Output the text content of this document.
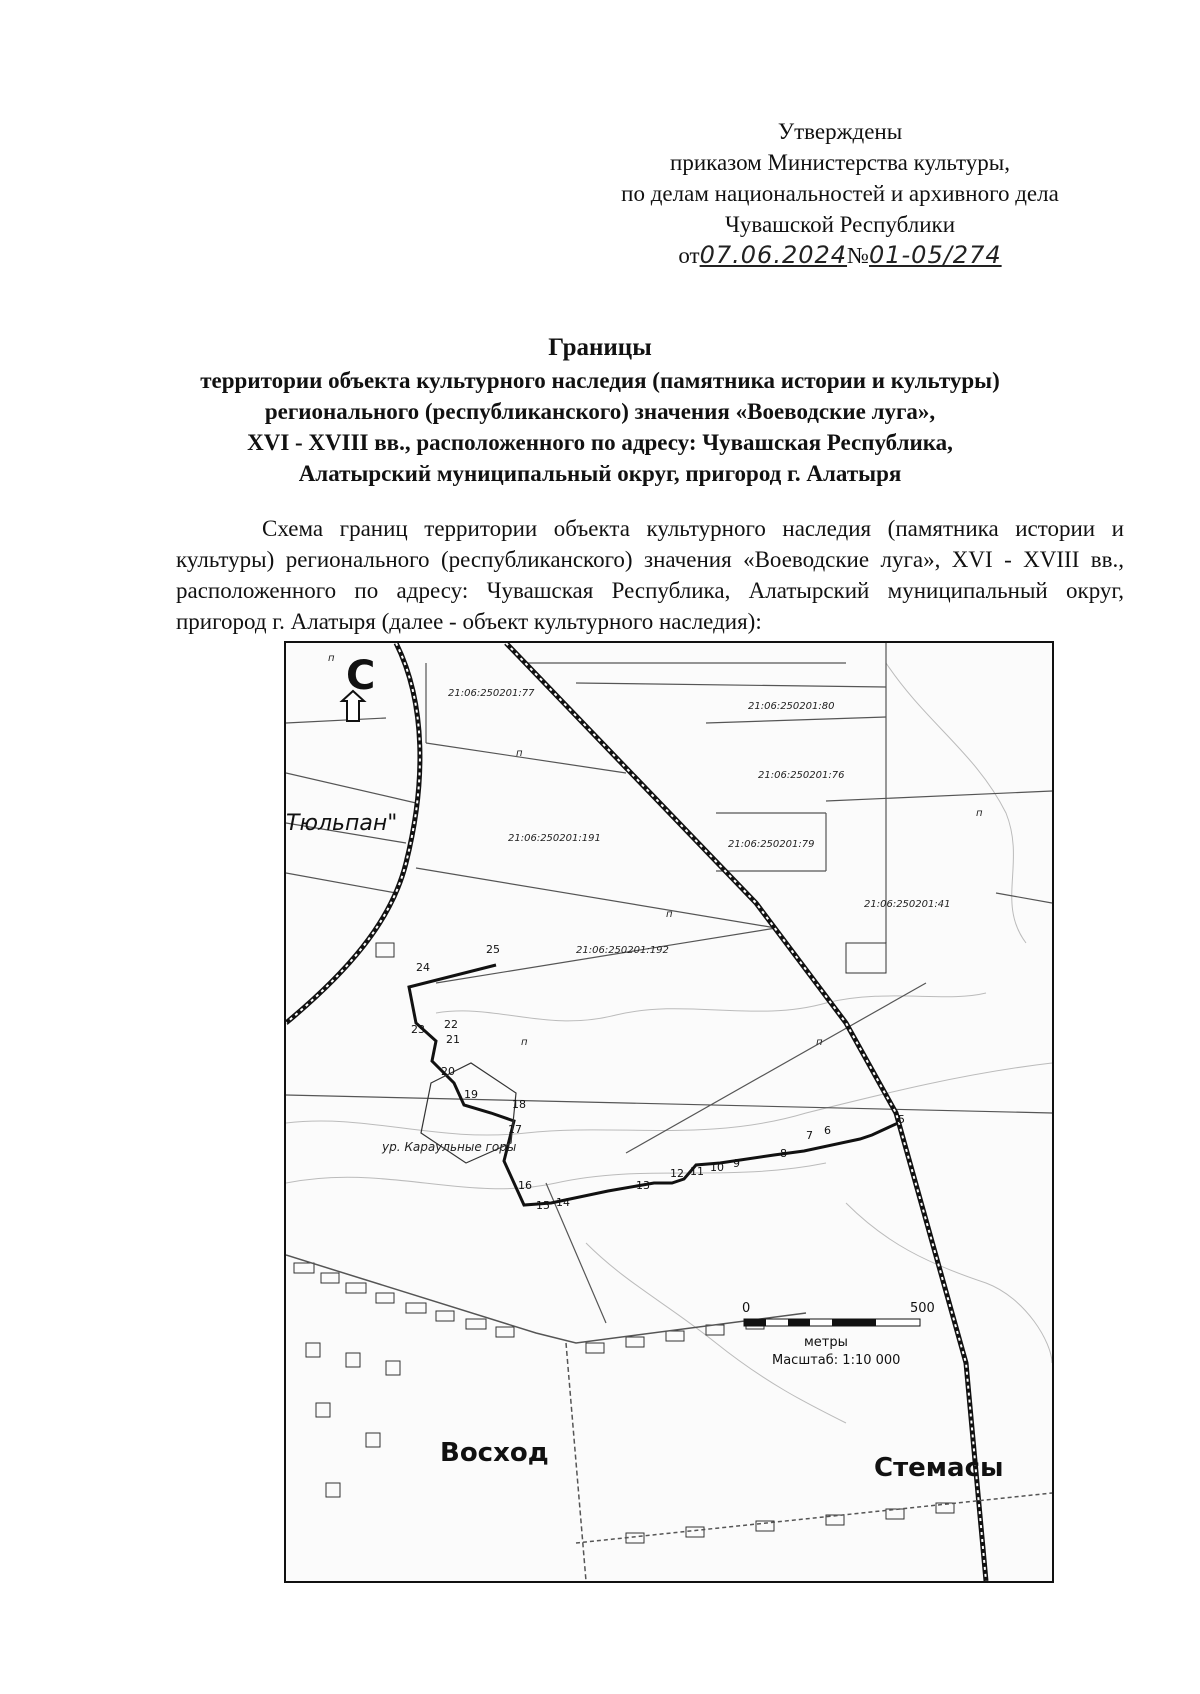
Утверждены
приказом Министерства культуры,
по делам национальностей и архивного дела
Чувашской Республики
от07.06.2024№01-05/274
Границы
территории объекта культурного наследия (памятника истории и культуры)
регионального (республиканского) значения «Воеводские луга»,
XVI - XVIII вв., расположенного по адресу: Чувашская Республика,
Алатырский муниципальный округ, пригород г. Алатыря
Схема границ территории объекта культурного наследия (памятника истории и культуры) регионального (республиканского) значения «Воеводские луга», XVI - XVIII вв., расположенного по адресу: Чувашская Республика, Алатырский муниципальный округ, пригород г. Алатыря (далее - объект культурного наследия):
С
Тюльпан"
Восход	Стемасы
ур. Караульные горы
21:06:250201:77
21:06:250201:80
21:06:250201:76
21:06:250201:191
21:06:250201:79
21:06:250201:41
21:06:250201:192
п
п
п
п	п
п
5
6
7
8
9
10
11
12
13
14
15
16
17
18
19
20
21
22
23
24
25
0	500
метры
Масштаб: 1:10 000
